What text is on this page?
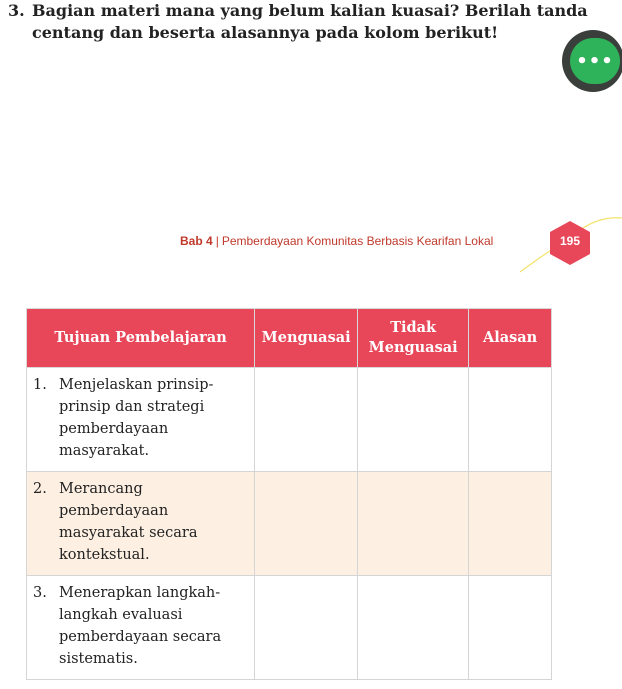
3. Bagian materi mana yang belum kalian kuasai? Berilah tanda
centang dan beserta alasannya pada kolom berikut!
•••
Bab 4 | Pemberdayaan Komunitas Berbasis Kearifan Lokal	195
Tujuan Pembelajaran	Menguasai	Tidak Menguasai	Alasan

1. Menjelaskan prinsip-prinsip dan strategi pemberdayaan masyarakat.			

2. Merancang pemberdayaan masyarakat secara kontekstual.			

3. Menerapkan langkah-langkah evaluasi pemberdayaan secara sistematis.			
